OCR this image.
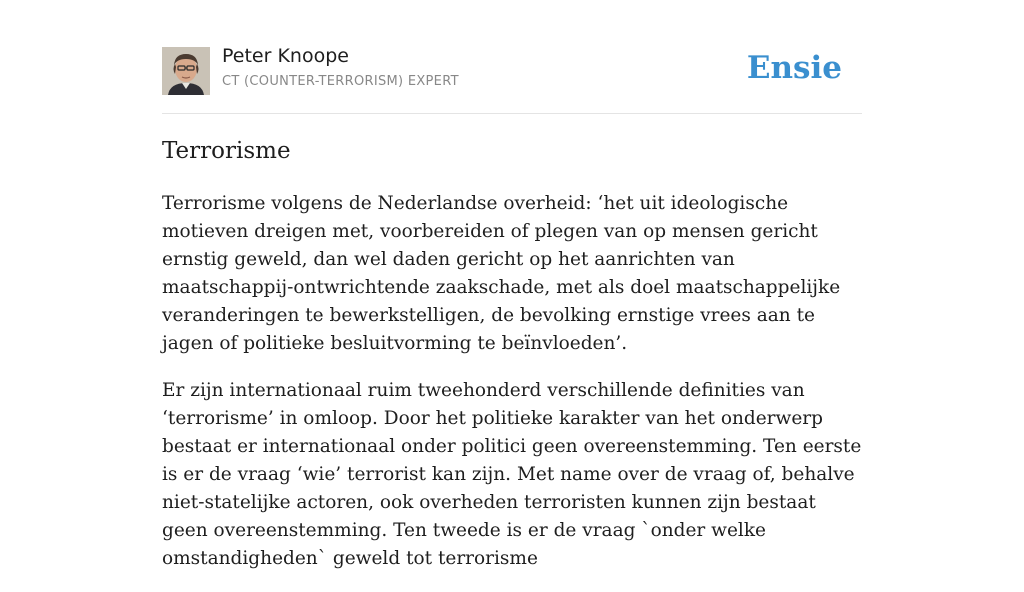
Peter Knoope
CT (COUNTER-TERRORISM) EXPERT	Ensie
Terrorisme

Terrorisme volgens de Nederlandse overheid: ‘het uit ideologische motieven dreigen met, voorbereiden of plegen van op mensen gericht ernstig geweld, dan wel daden gericht op het aanrichten van maatschappij-ontwrichtende zaakschade, met als doel maatschappelijke veranderingen te bewerkstelligen, de bevolking ernstige vrees aan te jagen of politieke besluitvorming te beïnvloeden’.

Er zijn internationaal ruim tweehonderd verschillende definities van ‘terrorisme’ in omloop. Door het politieke karakter van het onderwerp bestaat er internationaal onder politici geen overeenstemming. Ten eerste is er de vraag ‘wie’ terrorist kan zijn. Met name over de vraag of, behalve niet-statelijke actoren, ook overheden terroristen kunnen zijn bestaat geen overeenstemming. Ten tweede is er de vraag `onder welke omstandigheden` geweld tot terrorisme
